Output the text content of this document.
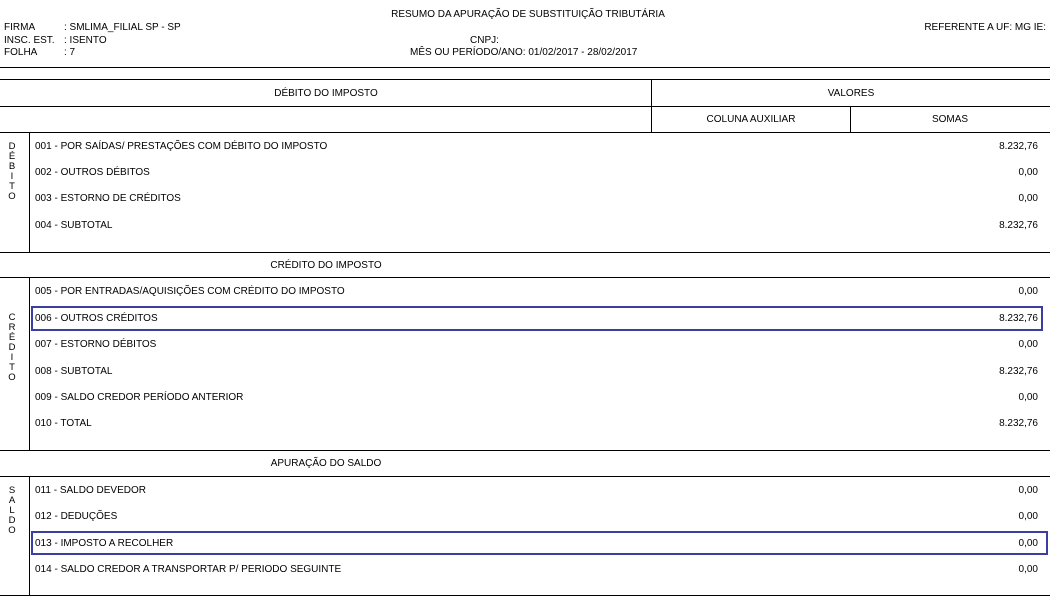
RESUMO DA APURAÇÃO DE SUBSTITUIÇÃO TRIBUTÁRIA
FIRMA	: SMLIMA_FILIAL SP - SP
INSC. EST. : ISENTO
FOLHA	: 7
CNPJ:
MÊS OU PERÍODO/ANO: 01/02/2017 - 28/02/2017
REFERENTE A UF: MG IE:
DÉBITO DO IMPOSTO	VALORES
COLUNA AUXILIAR	SOMAS
D
É
B
I
T
O
001 - POR SAÍDAS/ PRESTAÇÕES COM DÉBITO DO IMPOSTO	8.232,76
002 - OUTROS DÉBITOS	0,00
003 - ESTORNO DE CRÉDITOS	0,00
004 - SUBTOTAL	8.232,76
CRÉDITO DO IMPOSTO
C
R
É
D
I
T
O
005 - POR ENTRADAS/AQUISIÇÕES COM CRÉDITO DO IMPOSTO	0,00
006 - OUTROS CRÉDITOS	8.232,76
007 - ESTORNO DÉBITOS	0,00
008 - SUBTOTAL	8.232,76
009 - SALDO CREDOR PERÍODO ANTERIOR	0,00
010 - TOTAL	8.232,76
APURAÇÃO DO SALDO
S
A
L
D
O
011 - SALDO DEVEDOR	0,00
012 - DEDUÇÕES	0,00
013 - IMPOSTO A RECOLHER	0,00
014 - SALDO CREDOR A TRANSPORTAR P/ PERIODO SEGUINTE	0,00
